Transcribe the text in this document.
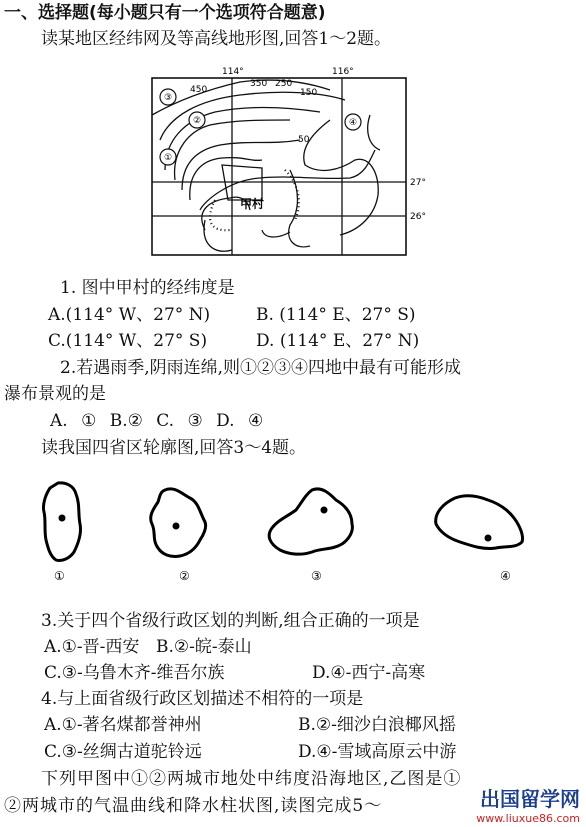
一、选择题(每小题只有一个选项符合题意)
读某地区经纬网及等高线地形图,回答1～2题。
③
②
①
④
114°	116°
27°
26°
450
350 250
150
50
甲村
1. 图中甲村的经纬度是
A.(114° W、27° N)	B. (114° E、27° S)
C.(114° W、27° S)	D. (114° E、27° N)
2.若遇雨季,阴雨连绵,则①②③④四地中最有可能形成
瀑布景观的是
A. ① B.② C. ③ D. ④
读我国四省区轮廓图,回答3～4题。
①	②	③	④
3.关于四个省级行政区划的判断,组合正确的一项是
A.①-晋-西安 B.②-皖-泰山
C.③-乌鲁木齐-维吾尔族	D.④-西宁-高寒
4.与上面省级行政区划描述不相符的一项是
A.①-著名煤都誉神州	B.②-细沙白浪椰风摇
C.③-丝绸古道驼铃远	D.④-雪域高原云中游
下列甲图中①②两城市地处中纬度沿海地区,乙图是①
②两城市的气温曲线和降水柱状图,读图完成5～	出国留学网
www.liuxue86.com
